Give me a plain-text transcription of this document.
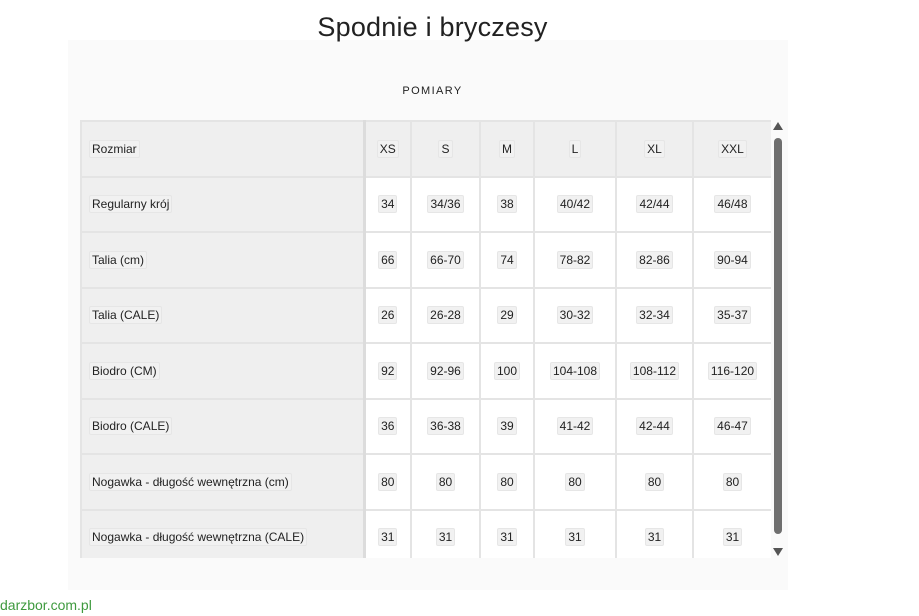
Spodnie i bryczesy
POMIARY
Rozmiar	XS	S	M	L	XL	XXL
Regularny krój	34	34/36	38	40/42	42/44	46/48
Talia (cm)	66	66-70	74	78-82	82-86	90-94
Talia (CALE)	26	26-28	29	30-32	32-34	35-37
Biodro (CM)	92	92-96	100	104-108	108-112	116-120
Biodro (CALE)	36	36-38	39	41-42	42-44	46-47
Nogawka - długość wewnętrzna (cm)	80	80	80	80	80	80
Nogawka - długość wewnętrzna (CALE)	31	31	31	31	31	31
darzbor.com.pl
